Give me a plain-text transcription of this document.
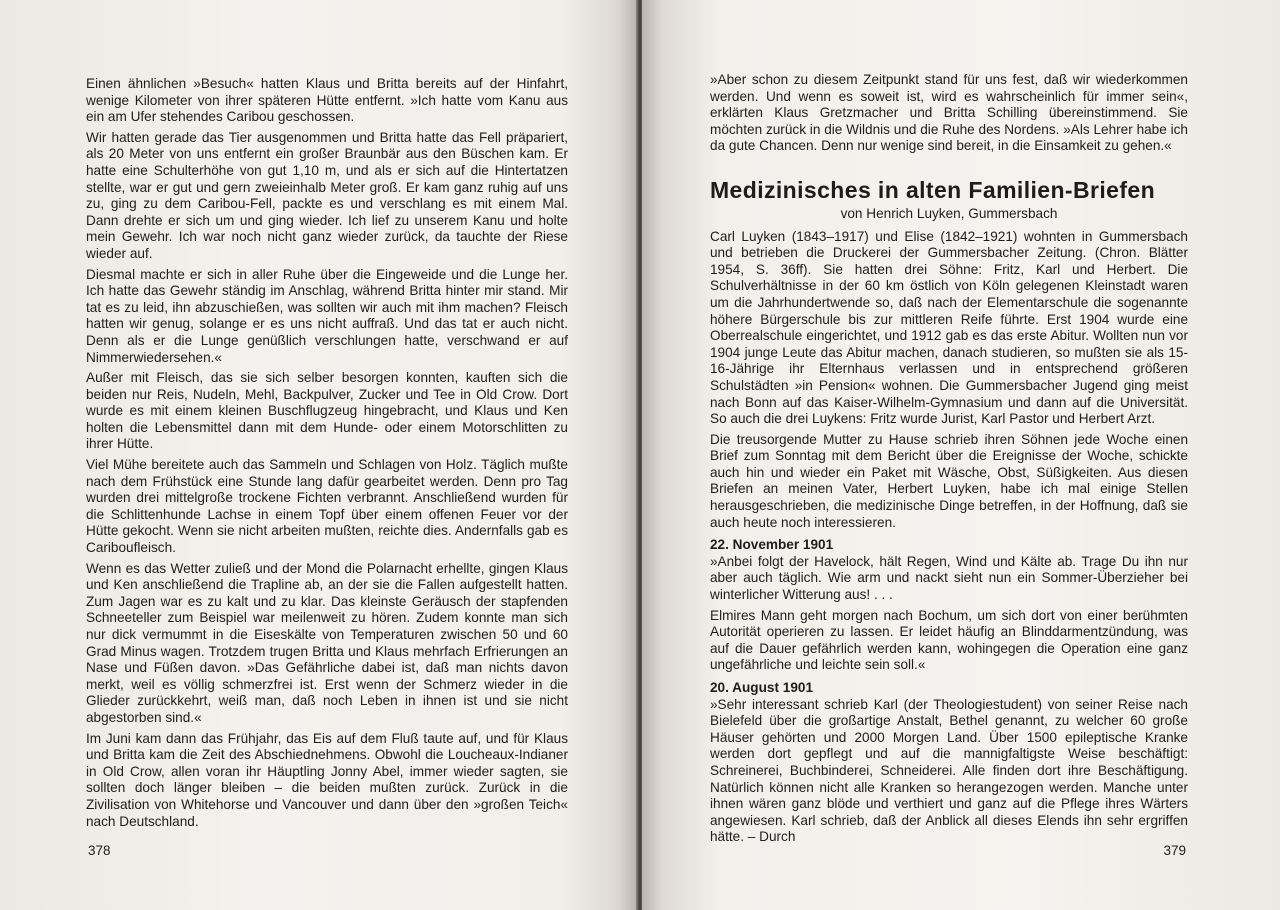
Einen ähnlichen »Besuch« hatten Klaus und Britta bereits auf der Hinfahrt, wenige Kilometer von ihrer späteren Hütte entfernt. »Ich hatte vom Kanu aus ein am Ufer stehendes Caribou geschossen.

Wir hatten gerade das Tier ausgenommen und Britta hatte das Fell präpariert, als 20 Meter von uns entfernt ein großer Braunbär aus den Büschen kam. Er hatte eine Schulterhöhe von gut 1,10 m, und als er sich auf die Hintertatzen stellte, war er gut und gern zweieinhalb Meter groß. Er kam ganz ruhig auf uns zu, ging zu dem Caribou-Fell, packte es und verschlang es mit einem Mal. Dann drehte er sich um und ging wieder. Ich lief zu unserem Kanu und holte mein Gewehr. Ich war noch nicht ganz wieder zurück, da tauchte der Riese wieder auf.

Diesmal machte er sich in aller Ruhe über die Eingeweide und die Lunge her. Ich hatte das Gewehr ständig im Anschlag, während Britta hinter mir stand. Mir tat es zu leid, ihn abzuschießen, was sollten wir auch mit ihm machen? Fleisch hatten wir genug, solange er es uns nicht auffraß. Und das tat er auch nicht. Denn als er die Lunge genüßlich verschlungen hatte, verschwand er auf Nimmerwiedersehen.«

Außer mit Fleisch, das sie sich selber besorgen konnten, kauften sich die beiden nur Reis, Nudeln, Mehl, Backpulver, Zucker und Tee in Old Crow. Dort wurde es mit einem kleinen Buschflugzeug hingebracht, und Klaus und Ken holten die Lebensmittel dann mit dem Hunde- oder einem Motorschlitten zu ihrer Hütte.

Viel Mühe bereitete auch das Sammeln und Schlagen von Holz. Täglich mußte nach dem Frühstück eine Stunde lang dafür gearbeitet werden. Denn pro Tag wurden drei mittelgroße trockene Fichten verbrannt. Anschließend wurden für die Schlittenhunde Lachse in einem Topf über einem offenen Feuer vor der Hütte gekocht. Wenn sie nicht arbeiten mußten, reichte dies. Andernfalls gab es Cariboufleisch.

Wenn es das Wetter zuließ und der Mond die Polarnacht erhellte, gingen Klaus und Ken anschließend die Trapline ab, an der sie die Fallen aufgestellt hatten. Zum Jagen war es zu kalt und zu klar. Das kleinste Geräusch der stapfenden Schneeteller zum Beispiel war meilenweit zu hören. Zudem konnte man sich nur dick vermummt in die Eiseskälte von Temperaturen zwischen 50 und 60 Grad Minus wagen. Trotzdem trugen Britta und Klaus mehrfach Erfrierungen an Nase und Füßen davon. »Das Gefährliche dabei ist, daß man nichts davon merkt, weil es völlig schmerzfrei ist. Erst wenn der Schmerz wieder in die Glieder zurückkehrt, weiß man, daß noch Leben in ihnen ist und sie nicht abgestorben sind.«

Im Juni kam dann das Frühjahr, das Eis auf dem Fluß taute auf, und für Klaus und Britta kam die Zeit des Abschiednehmens. Obwohl die Loucheaux-Indianer in Old Crow, allen voran ihr Häuptling Jonny Abel, immer wieder sagten, sie sollten doch länger bleiben – die beiden mußten zurück. Zurück in die Zivilisation von Whitehorse und Vancouver und dann über den »großen Teich« nach Deutschland.

378

»Aber schon zu diesem Zeitpunkt stand für uns fest, daß wir wiederkommen werden. Und wenn es soweit ist, wird es wahrscheinlich für immer sein«, erklärten Klaus Gretzmacher und Britta Schilling übereinstimmend. Sie möchten zurück in die Wildnis und die Ruhe des Nordens. »Als Lehrer habe ich da gute Chancen. Denn nur wenige sind bereit, in die Einsamkeit zu gehen.«

Medizinisches in alten Familien-Briefen
von Henrich Luyken, Gummersbach

Carl Luyken (1843–1917) und Elise (1842–1921) wohnten in Gummersbach und betrieben die Druckerei der Gummersbacher Zeitung. (Chron. Blätter 1954, S. 36ff). Sie hatten drei Söhne: Fritz, Karl und Herbert. Die Schulverhältnisse in der 60 km östlich von Köln gelegenen Kleinstadt waren um die Jahrhundertwende so, daß nach der Elementarschule die sogenannte höhere Bürgerschule bis zur mittleren Reife führte. Erst 1904 wurde eine Oberrealschule eingerichtet, und 1912 gab es das erste Abitur. Wollten nun vor 1904 junge Leute das Abitur machen, danach studieren, so mußten sie als 15-16-Jährige ihr Elternhaus verlassen und in entsprechend größeren Schulstädten »in Pension« wohnen. Die Gummersbacher Jugend ging meist nach Bonn auf das Kaiser-Wilhelm-Gymnasium und dann auf die Universität. So auch die drei Luykens: Fritz wurde Jurist, Karl Pastor und Herbert Arzt.

Die treusorgende Mutter zu Hause schrieb ihren Söhnen jede Woche einen Brief zum Sonntag mit dem Bericht über die Ereignisse der Woche, schickte auch hin und wieder ein Paket mit Wäsche, Obst, Süßigkeiten. Aus diesen Briefen an meinen Vater, Herbert Luyken, habe ich mal einige Stellen herausgeschrieben, die medizinische Dinge betreffen, in der Hoffnung, daß sie auch heute noch interessieren.

22. November 1901

»Anbei folgt der Havelock, hält Regen, Wind und Kälte ab. Trage Du ihn nur aber auch täglich. Wie arm und nackt sieht nun ein Sommer-Überzieher bei winterlicher Witterung aus! . . .

Elmires Mann geht morgen nach Bochum, um sich dort von einer berühmten Autorität operieren zu lassen. Er leidet häufig an Blinddarmentzündung, was auf die Dauer gefährlich werden kann, wohingegen die Operation eine ganz ungefährliche und leichte sein soll.«

20. August 1901

»Sehr interessant schrieb Karl (der Theologiestudent) von seiner Reise nach Bielefeld über die großartige Anstalt, Bethel genannt, zu welcher 60 große Häuser gehörten und 2000 Morgen Land. Über 1500 epileptische Kranke werden dort gepflegt und auf die mannigfaltigste Weise beschäftigt: Schreinerei, Buchbinderei, Schneiderei. Alle finden dort ihre Beschäftigung. Natürlich können nicht alle Kranken so herangezogen werden. Manche unter ihnen wären ganz blöde und verthiert und ganz auf die Pflege ihres Wärters angewiesen. Karl schrieb, daß der Anblick all dieses Elends ihn sehr ergriffen hätte. – Durch

379
